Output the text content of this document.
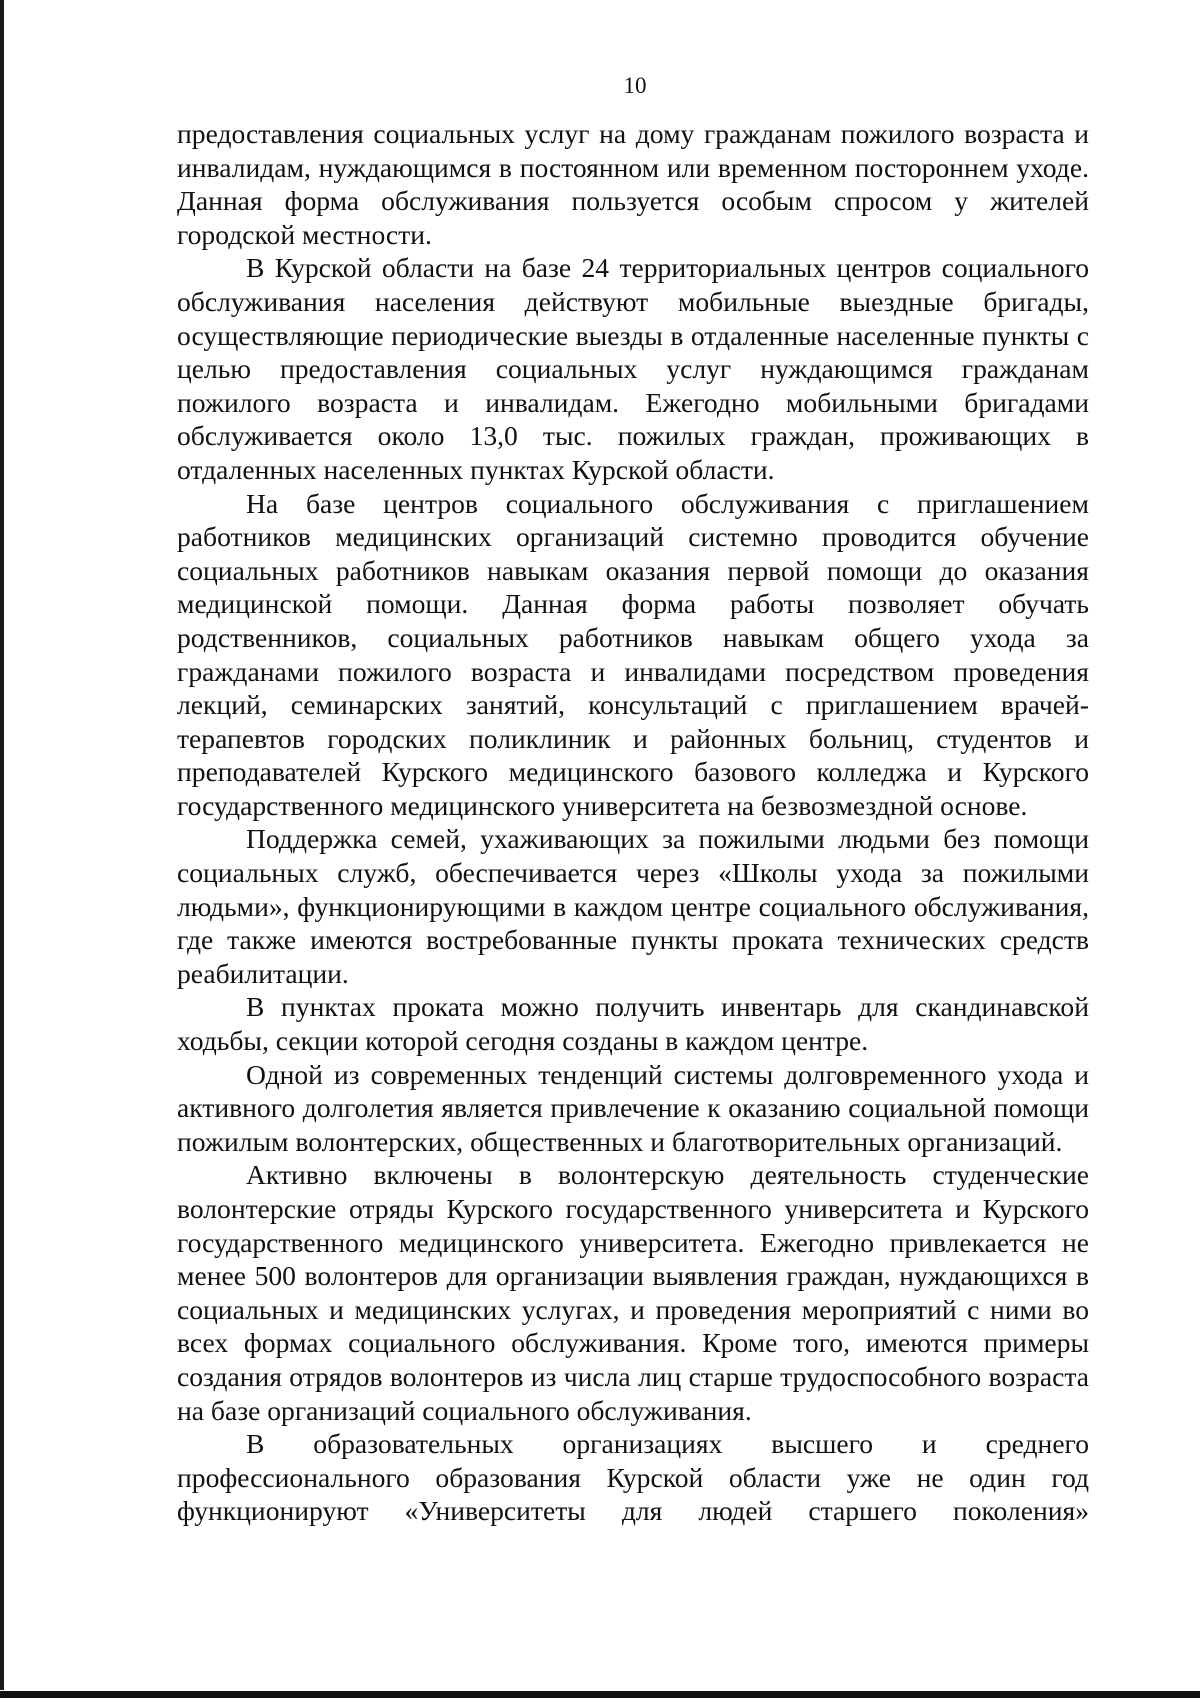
10

предоставления социальных услуг на дому гражданам пожилого возраста и инвалидам, нуждающимся в постоянном или временном постороннем уходе. Данная форма обслуживания пользуется особым спросом у жителей городской местности.

В Курской области на базе 24 территориальных центров социального обслуживания населения действуют мобильные выездные бригады, осуществляющие периодические выезды в отдаленные населенные пункты с целью предоставления социальных услуг нуждающимся гражданам пожилого возраста и инвалидам. Ежегодно мобильными бригадами обслуживается около 13,0 тыс. пожилых граждан, проживающих в отдаленных населенных пунктах Курской области.

На базе центров социального обслуживания с приглашением работников медицинских организаций системно проводится обучение социальных работников навыкам оказания первой помощи до оказания медицинской помощи. Данная форма работы позволяет обучать родственников, социальных работников навыкам общего ухода за гражданами пожилого возраста и инвалидами посредством проведения лекций, семинарских занятий, консультаций с приглашением врачей-терапевтов городских поликлиник и районных больниц, студентов и преподавателей Курского медицинского базового колледжа и Курского государственного медицинского университета на безвозмездной основе.

Поддержка семей, ухаживающих за пожилыми людьми без помощи социальных служб, обеспечивается через «Школы ухода за пожилыми людьми», функционирующими в каждом центре социального обслуживания, где также имеются востребованные пункты проката технических средств реабилитации.

В пунктах проката можно получить инвентарь для скандинавской ходьбы, секции которой сегодня созданы в каждом центре.

Одной из современных тенденций системы долговременного ухода и активного долголетия является привлечение к оказанию социальной помощи пожилым волонтерских, общественных и благотворительных организаций.

Активно включены в волонтерскую деятельность студенческие волонтерские отряды Курского государственного университета и Курского государственного медицинского университета. Ежегодно привлекается не менее 500 волонтеров для организации выявления граждан, нуждающихся в социальных и медицинских услугах, и проведения мероприятий с ними во всех формах социального обслуживания. Кроме того, имеются примеры создания отрядов волонтеров из числа лиц старше трудоспособного возраста на базе организаций социального обслуживания.

В образовательных организациях высшего и среднего профессионального образования Курской области уже не один год функционируют «Университеты для людей старшего поколения»
